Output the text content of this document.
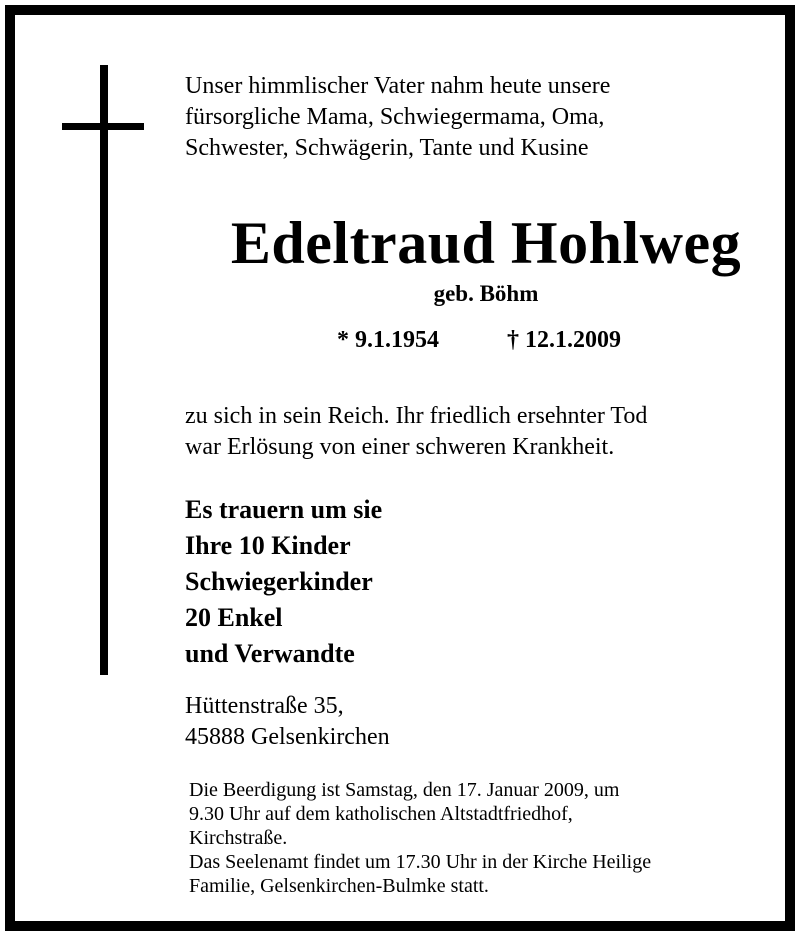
Unser himmlischer Vater nahm heute unsere
fürsorgliche Mama, Schwiegermama, Oma,
Schwester, Schwägerin, Tante und Kusine
Edeltraud Hohlweg
geb. Böhm
* 9.1.1954	† 12.1.2009
zu sich in sein Reich. Ihr friedlich ersehnter Tod
war Erlösung von einer schweren Krankheit.
Es trauern um sie
Ihre 10 Kinder
Schwiegerkinder
20 Enkel
und Verwandte
Hüttenstraße 35,
45888 Gelsenkirchen
Die Beerdigung ist Samstag, den 17. Januar 2009, um
9.30 Uhr auf dem katholischen Altstadtfriedhof,
Kirchstraße.
Das Seelenamt findet um 17.30 Uhr in der Kirche Heilige
Familie, Gelsenkirchen-Bulmke statt.
